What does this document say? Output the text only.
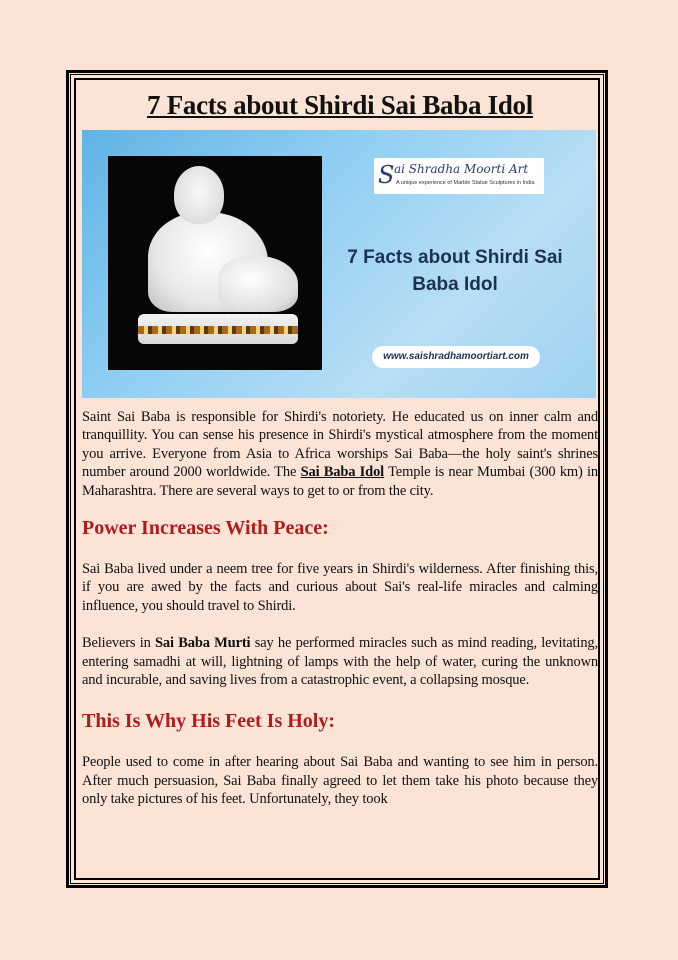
7 Facts about Shirdi Sai Baba Idol
Sai Shradha Moorti Art
S ai Shradha Moorti Art
A unique experience of Marble Statue Sculptures in India
7 Facts about Shirdi Sai Baba Idol
www.saishradhamoortiart.com

Saint Sai Baba is responsible for Shirdi's notoriety. He educated us on inner calm and tranquillity. You can sense his presence in Shirdi's mystical atmosphere from the moment you arrive. Everyone from Asia to Africa worships Sai Baba—the holy saint's shrines number around 2000 worldwide. The Sai Baba Idol Temple is near Mumbai (300 km) in Maharashtra. There are several ways to get to or from the city.

Power Increases With Peace:

Sai Baba lived under a neem tree for five years in Shirdi's wilderness. After finishing this, if you are awed by the facts and curious about Sai's real-life miracles and calming influence, you should travel to Shirdi.

Believers in Sai Baba Murti say he performed miracles such as mind reading, levitating, entering samadhi at will, lightning of lamps with the help of water, curing the unknown and incurable, and saving lives from a catastrophic event, a collapsing mosque.

This Is Why His Feet Is Holy:

People used to come in after hearing about Sai Baba and wanting to see him in person. After much persuasion, Sai Baba finally agreed to let them take his photo because they only take pictures of his feet. Unfortunately, they took
